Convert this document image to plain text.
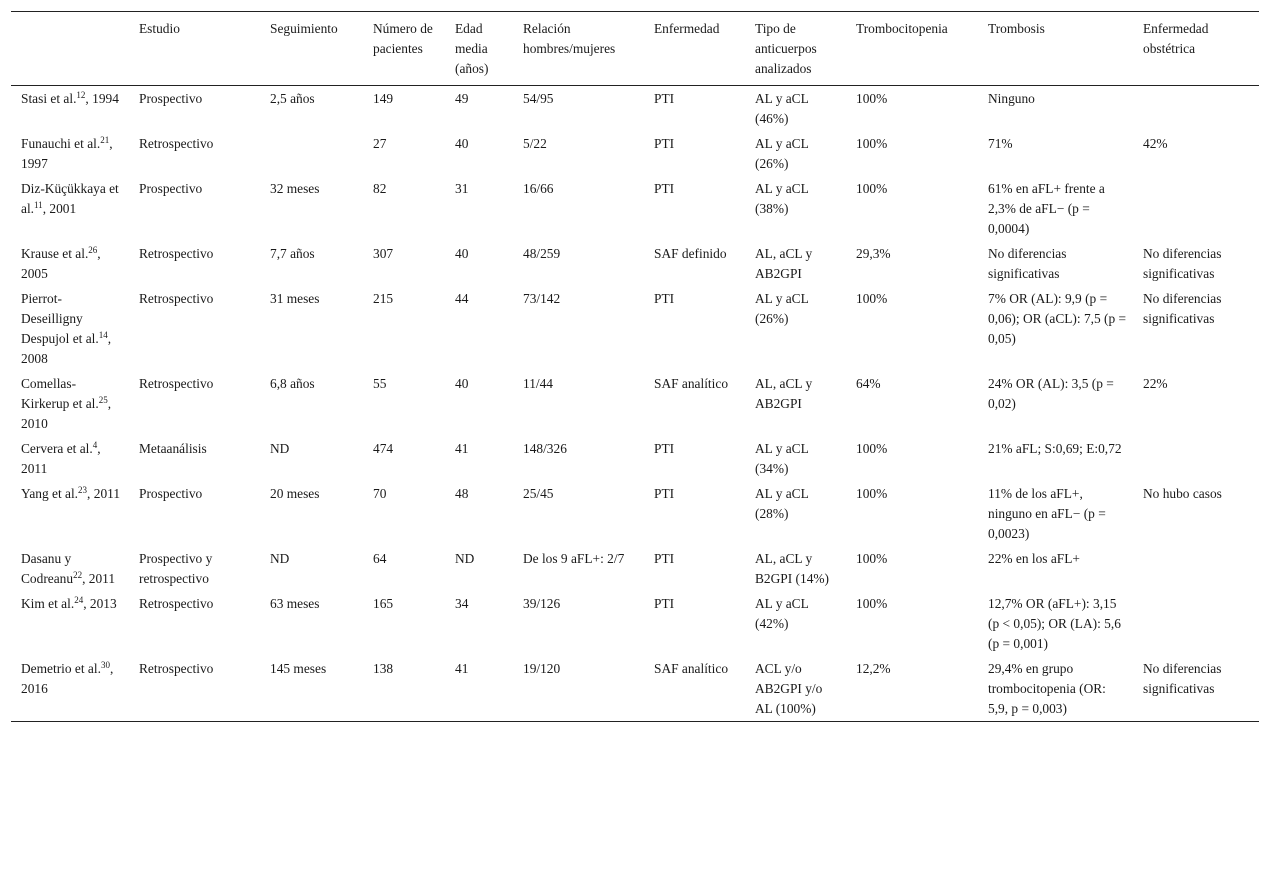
	Estudio	Seguimiento	Número de pacientes	Edad media (años)	Relación hombres/mujeres	Enfermedad	Tipo de anticuerpos analizados	Trombocitopenia	Trombosis	Enfermedad obstétrica
Stasi et al.$^{12}$, 1994	Prospectivo	2,5 años	149	49	54/95	PTI	AL y aCL (46%)	100%	Ninguno	
Funauchi et al.$^{21}$, 1997	Retrospectivo		27	40	5/22	PTI	AL y aCL (26%)	100%	71%	42%
Diz-Küçükkaya et al.$^{11}$, 2001	Prospectivo	32 meses	82	31	16/66	PTI	AL y aCL (38%)	100%	61% en aFL+ frente a 2,3% de aFL− (p = 0,0004)	
Krause et al.$^{26}$, 2005	Retrospectivo	7,7 años	307	40	48/259	SAF definido	AL, aCL y AB2GPI	29,3%	No diferencias significativas	No diferencias significativas
Pierrot-Deseilligny Despujol et al.$^{14}$, 2008	Retrospectivo	31 meses	215	44	73/142	PTI	AL y aCL (26%)	100%	7% OR (AL): 9,9 (p = 0,06); OR (aCL): 7,5 (p = 0,05)	No diferencias significativas
Comellas-Kirkerup et al.$^{25}$, 2010	Retrospectivo	6,8 años	55	40	11/44	SAF analítico	AL, aCL y AB2GPI	64%	24% OR (AL): 3,5 (p = 0,02)	22%
Cervera et al.$^4$, 2011	Metaanálisis	ND	474	41	148/326	PTI	AL y aCL (34%)	100%	21% aFL; S:0,69; E:0,72	
Yang et al.$^{23}$, 2011	Prospectivo	20 meses	70	48	25/45	PTI	AL y aCL (28%)	100%	11% de los aFL+, ninguno en aFL− (p = 0,0023)	No hubo casos
Dasanu y Codreanu$^{22}$, 2011	Prospectivo y retrospectivo	ND	64	ND	De los 9 aFL+: 2/7	PTI	AL, aCL y B2GPI (14%)	100%	22% en los aFL+	
Kim et al.$^{24}$, 2013	Retrospectivo	63 meses	165	34	39/126	PTI	AL y aCL (42%)	100%	12,7% OR (aFL+): 3,15 (p < 0,05); OR (LA): 5,6 (p = 0,001)	
Demetrio et al.$^{30}$, 2016	Retrospectivo	145 meses	138	41	19/120	SAF analítico	ACL y/o AB2GPI y/o AL (100%)	12,2%	29,4% en grupo trombocitopenia (OR: 5,9, p = 0,003)	No diferencias significativas
